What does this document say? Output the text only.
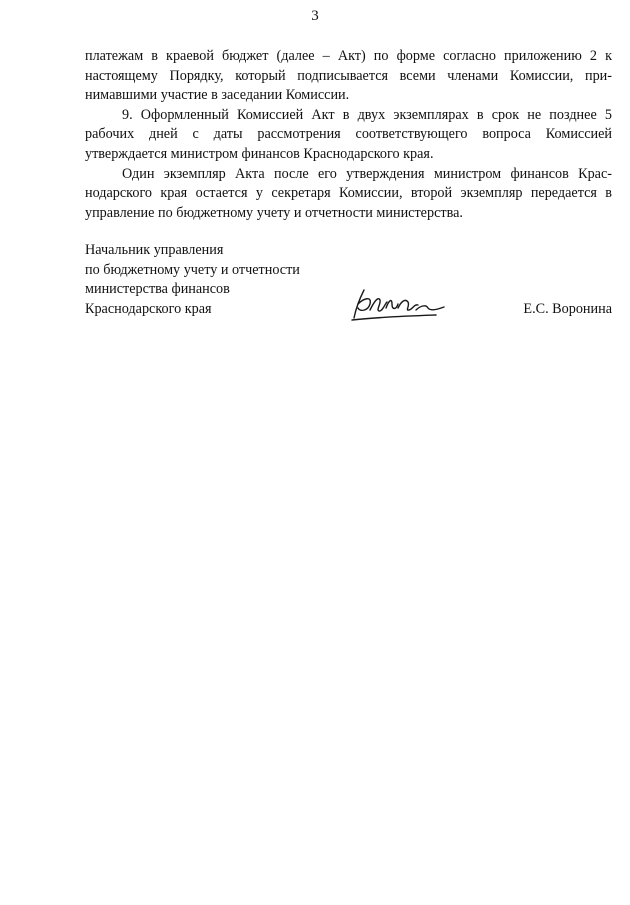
3

платежам в краевой бюджет (далее – Акт) по форме согласно приложению 2 к настоящему Порядку, который подписывается всеми членами Комиссии, принимавшими участие в заседании Комиссии.

9. Оформленный Комиссией Акт в двух экземплярах в срок не позднее 5 рабочих дней с даты рассмотрения соответствующего вопроса Комиссией утверждается министром финансов Краснодарского края.

Один экземпляр Акта после его утверждения министром финансов Краснодарского края остается у секретаря Комиссии, второй экземпляр передается в управление по бюджетному учету и отчетности министерства.

Начальник управления
по бюджетному учету и отчетности
министерства финансов
Краснодарского края	Е.С. Воронина
